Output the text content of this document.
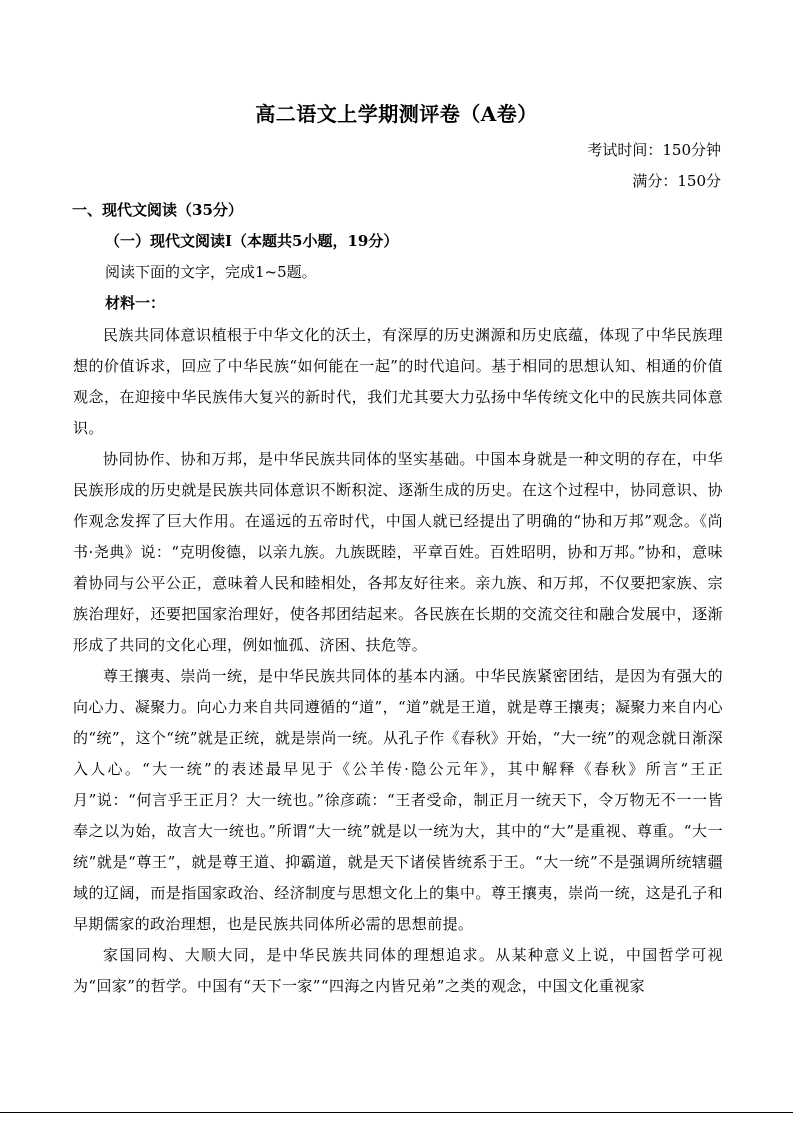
高二语文上学期测评卷（A卷）
考试时间：150分钟
满分：150分
一、现代文阅读（35分）
（一）现代文阅读Ⅰ（本题共5小题，19分）
阅读下面的文字，完成1~5题。
材料一：

民族共同体意识植根于中华文化的沃土，有深厚的历史渊源和历史底蕴，体现了中华民族理想的价值诉求，回应了中华民族“如何能在一起”的时代追问。基于相同的思想认知、相通的价值观念，在迎接中华民族伟大复兴的新时代，我们尤其要大力弘扬中华传统文化中的民族共同体意识。

协同协作、协和万邦，是中华民族共同体的坚实基础。中国本身就是一种文明的存在，中华民族形成的历史就是民族共同体意识不断积淀、逐渐生成的历史。在这个过程中，协同意识、协作观念发挥了巨大作用。在遥远的五帝时代，中国人就已经提出了明确的“协和万邦”观念。《尚书·尧典》说：“克明俊德，以亲九族。九族既睦，平章百姓。百姓昭明，协和万邦。”协和，意味着协同与公平公正，意味着人民和睦相处，各邦友好往来。亲九族、和万邦，不仅要把家族、宗族治理好，还要把国家治理好，使各邦团结起来。各民族在长期的交流交往和融合发展中，逐渐形成了共同的文化心理，例如恤孤、济困、扶危等。

尊王攘夷、崇尚一统，是中华民族共同体的基本内涵。中华民族紧密团结，是因为有强大的向心力、凝聚力。向心力来自共同遵循的“道”，“道”就是王道，就是尊王攘夷；凝聚力来自内心的“统”，这个“统”就是正统，就是崇尚一统。从孔子作《春秋》开始，“大一统”的观念就日渐深入人心。“大一统”的表述最早见于《公羊传·隐公元年》，其中解释《春秋》所言“王正月”说：“何言乎王正月？大一统也。”徐彦疏：“王者受命，制正月一统天下，令万物无不一一皆奉之以为始，故言大一统也。”所谓“大一统”就是以一统为大，其中的“大”是重视、尊重。“大一统”就是“尊王”，就是尊王道、抑霸道，就是天下诸侯皆统系于王。“大一统”不是强调所统辖疆域的辽阔，而是指国家政治、经济制度与思想文化上的集中。尊王攘夷，崇尚一统，这是孔子和早期儒家的政治理想，也是民族共同体所必需的思想前提。

家国同构、大顺大同，是中华民族共同体的理想追求。从某种意义上说，中国哲学可视为“回家”的哲学。中国有“天下一家”“四海之内皆兄弟”之类的观念，中国文化重视家
